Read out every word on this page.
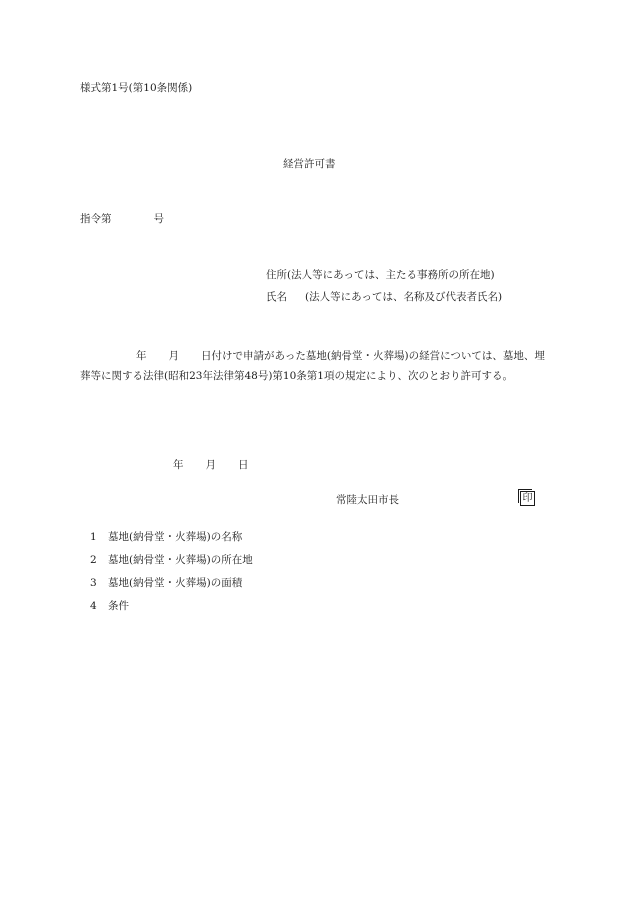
様式第1号(第10条関係)
経営許可書
指令第	号
住所(法人等にあっては、主たる事務所の所在地)
氏名 (法人等にあっては、名称及び代表者氏名)
年 月 日付けで申請があった墓地(納骨堂・火葬場)の経営については、墓地、埋葬等に関する法律(昭和23年法律第48号)第10条第1項の規定により、次のとおり許可する。
年 月 日
常陸太田市長	印
1 墓地(納骨堂・火葬場)の名称
2 墓地(納骨堂・火葬場)の所在地
3 墓地(納骨堂・火葬場)の面積
4 条件
